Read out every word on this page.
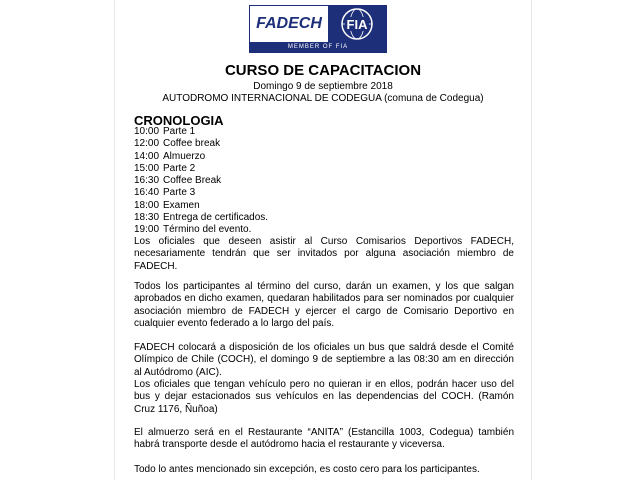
FADECH	FIA
MEMBER OF FIA
CURSO DE CAPACITACION
Domingo 9 de septiembre 2018
AUTODROMO INTERNACIONAL DE CODEGUA (comuna de Codegua)
CRONOLOGIA
10:00 Parte 1
12:00 Coffee break
14:00 Almuerzo
15:00 Parte 2
16:30 Coffee Break
16:40 Parte 3
18:00 Examen
18:30 Entrega de certificados.
19:00 Término del evento.

Los oficiales que deseen asistir al Curso Comisarios Deportivos FADECH, necesariamente tendrán que ser invitados por alguna asociación miembro de FADECH.

Todos los participantes al término del curso, darán un examen, y los que salgan aprobados en dicho examen, quedaran habilitados para ser nominados por cualquier asociación miembro de FADECH y ejercer el cargo de Comisario Deportivo en cualquier evento federado a lo largo del país.

FADECH colocará a disposición de los oficiales un bus que saldrá desde el Comité Olímpico de Chile (COCH), el domingo 9 de septiembre a las 08:30 am en dirección al Autódromo (AIC).

Los oficiales que tengan vehículo pero no quieran ir en ellos, podrán hacer uso del bus y dejar estacionados sus vehículos en las dependencias del COCH. (Ramón Cruz 1176, Ñuñoa)

El almuerzo será en el Restaurante “ANITA” (Estancilla 1003, Codegua) también habrá transporte desde el autódromo hacia el restaurante y viceversa.

Todo lo antes mencionado sin excepción, es costo cero para los participantes.
